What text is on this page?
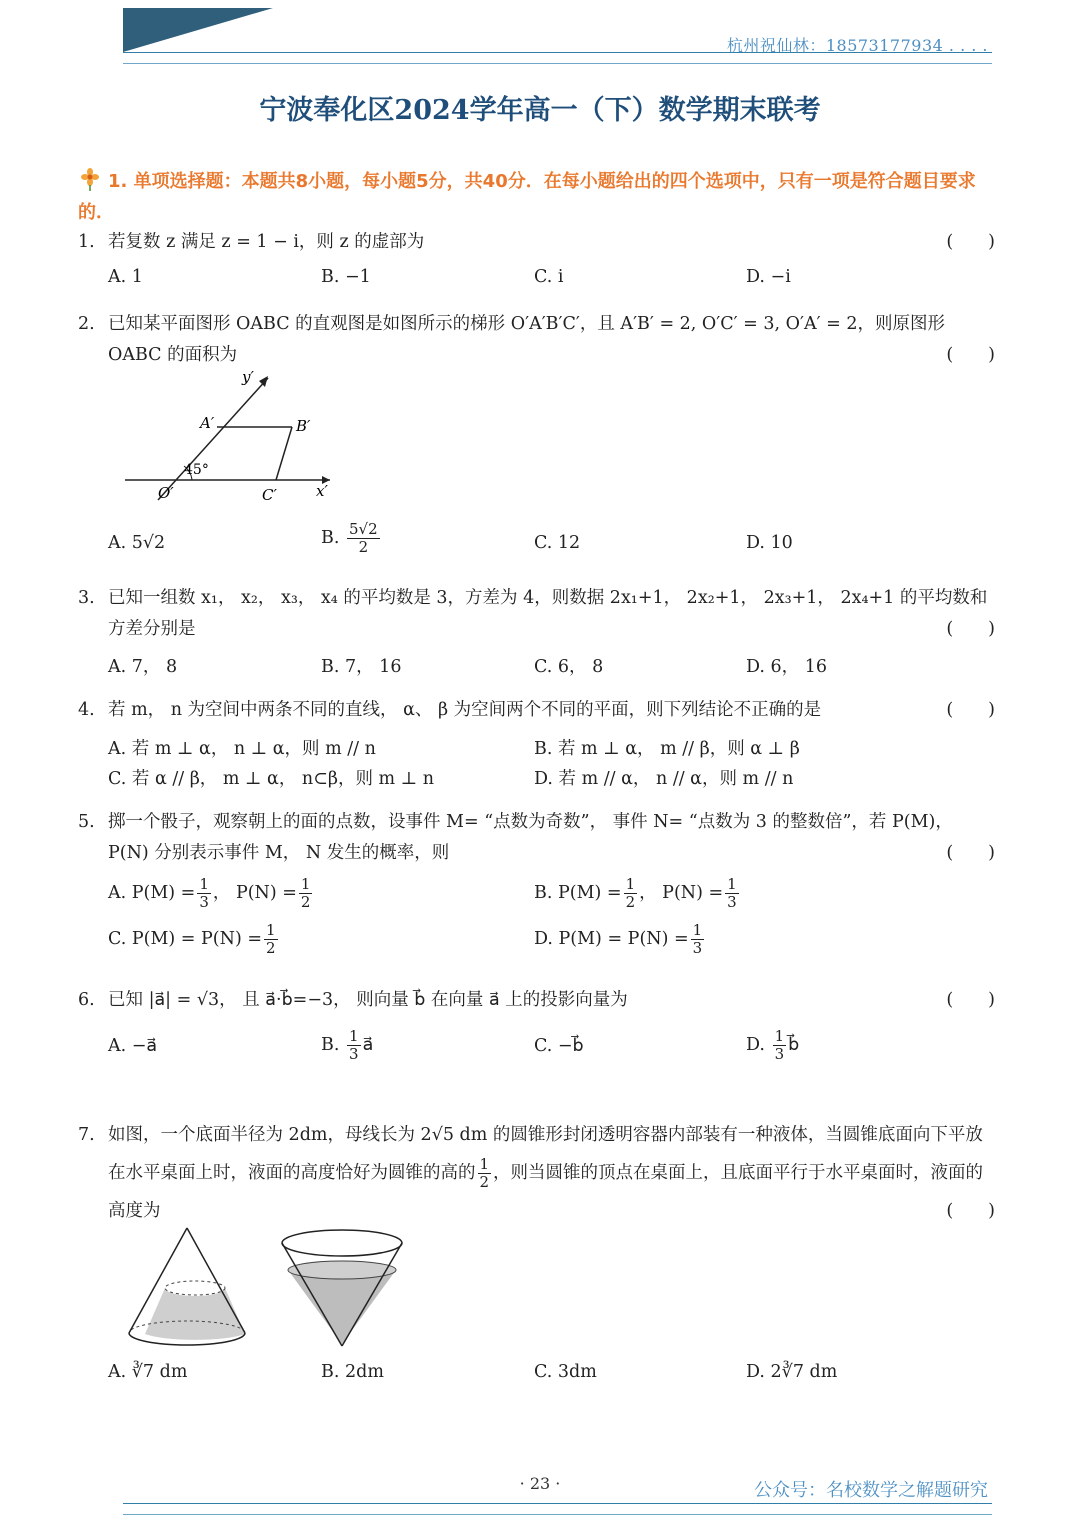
杭州祝仙林：18573177934 . . . .
宁波奉化区2024学年高一（下）数学期末联考
1. 单项选择题：本题共8小题，每小题5分，共40分．在每小题给出的四个选项中，只有一项是符合题目要求的．
1. 若复数 z 满足 z = 1 − i，则 z 的虚部为	(　　)
A. 1	B. −1	C. i	D. −i
2. 已知某平面图形 OABC 的直观图是如图所示的梯形 O′A′B′C′，且 A′B′ = 2, O′C′ = 3, O′A′ = 2，则原图形 OABC 的面积为	(　　)
y′
x′
A′	B′
C′
O′
45°
A. 5√2	B. $\frac{5√2}{2}$	C. 12	D. 10
3. 已知一组数 x₁， x₂， x₃， x₄ 的平均数是 3，方差为 4，则数据 2x₁+1， 2x₂+1， 2x₃+1， 2x₄+1 的平均数和方差分别是	(　　)
A. 7， 8	B. 7， 16	C. 6， 8	D. 6， 16
4. 若 m， n 为空间中两条不同的直线， α、 β 为空间两个不同的平面，则下列结论不正确的是	(　　)
A. 若 m ⊥ α， n ⊥ α，则 m // n	B. 若 m ⊥ α， m // β，则 α ⊥ β
C. 若 α // β， m ⊥ α， n⊂β，则 m ⊥ n	D. 若 m // α， n // α，则 m // n
5. 掷一个骰子，观察朝上的面的点数，设事件 M= “点数为奇数”， 事件 N= “点数为 3 的整数倍”，若 P(M)， P(N) 分别表示事件 M， N 发生的概率，则	(　　)
A. $P(M) = \frac{1}{3}$ ， $P(N) = \frac{1}{2}$	B. $P(M) = \frac{1}{2}$ ， $P(N) = \frac{1}{3}$
C. $P(M) = P(N) = \frac{1}{2}$	D. $P(M) = P(N) = \frac{1}{3}$
6. 已知 |a⃗| = √3， 且 a⃗·b⃗=−3， 则向量 b⃗ 在向量 a⃗ 上的投影向量为	(　　)
A. −a⃗	B. $\frac{1}{3}$ a⃗	C. −b⃗	D. $\frac{1}{3}$ b⃗
7. 如图，一个底面半径为 2dm，母线长为 2√5 dm 的圆锥形封闭透明容器内部装有一种液体，当圆锥底面向下平放在水平桌面上时，液面的高度恰好为圆锥的高的 $\frac{1}{2}$ ，则当圆锥的顶点在桌面上，且底面平行于水平桌面时，液面的高度为	(　　)
A. ∛7 dm	B. 2dm	C. 3dm	D. 2∛7 dm
· 23 ·	公众号：名校数学之解题研究
